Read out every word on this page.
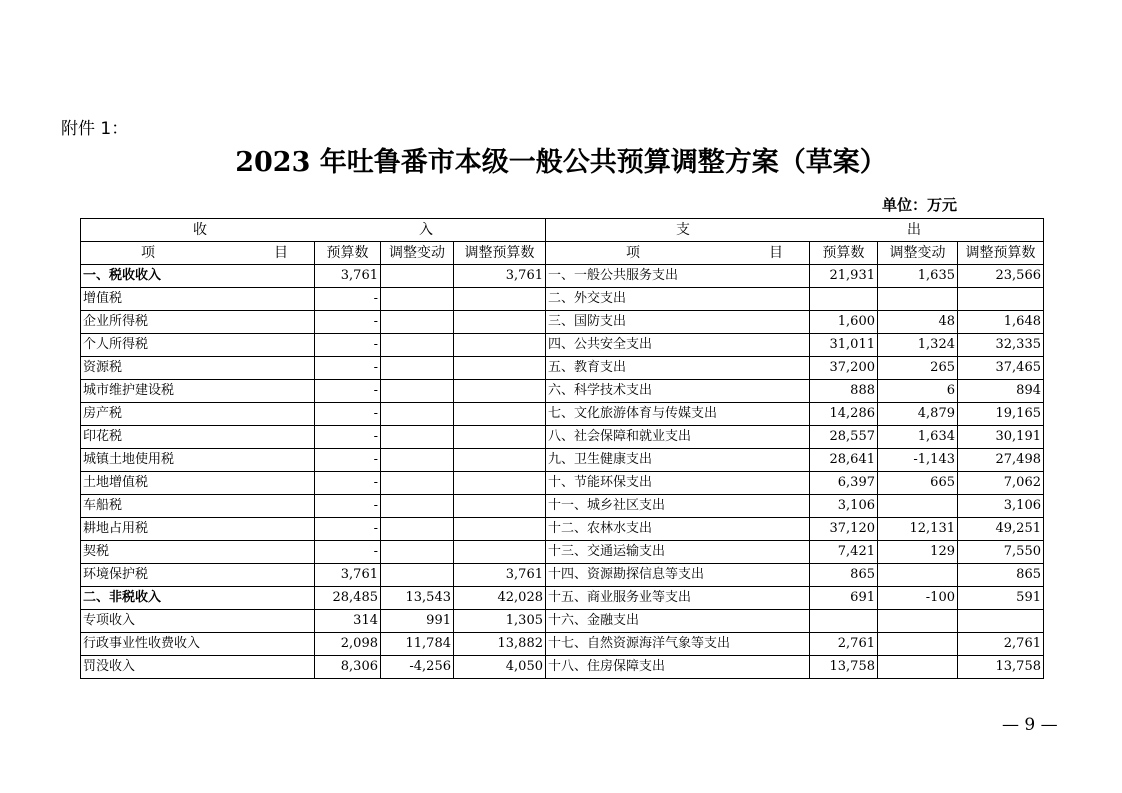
附件 1：
2023 年吐鲁番市本级一般公共预算调整方案（草案）
单位：万元
收 入				支 出			

项 目	预算数	调整变动	调整预算数	项 目	预算数	调整变动	调整预算数
一、税收收入	3,761		3,761	一、一般公共服务支出	21,931	1,635	23,566
增值税	-			二、外交支出			
企业所得税	-			三、国防支出	1,600	48	1,648
个人所得税	-			四、公共安全支出	31,011	1,324	32,335
资源税	-			五、教育支出	37,200	265	37,465
城市维护建设税	-			六、科学技术支出	888	6	894
房产税	-			七、文化旅游体育与传媒支出	14,286	4,879	19,165
印花税	-			八、社会保障和就业支出	28,557	1,634	30,191
城镇土地使用税	-			九、卫生健康支出	28,641	-1,143	27,498
土地增值税	-			十、节能环保支出	6,397	665	7,062
车船税	-			十一、城乡社区支出	3,106		3,106
耕地占用税	-			十二、农林水支出	37,120	12,131	49,251
契税	-			十三、交通运输支出	7,421	129	7,550
环境保护税	3,761		3,761	十四、资源勘探信息等支出	865		865
二、非税收入	28,485	13,543	42,028	十五、商业服务业等支出	691	-100	591
专项收入	314	991	1,305	十六、金融支出			
行政事业性收费收入	2,098	11,784	13,882	十七、自然资源海洋气象等支出	2,761		2,761
罚没收入	8,306	-4,256	4,050	十八、住房保障支出	13,758		13,758
— 9 —
